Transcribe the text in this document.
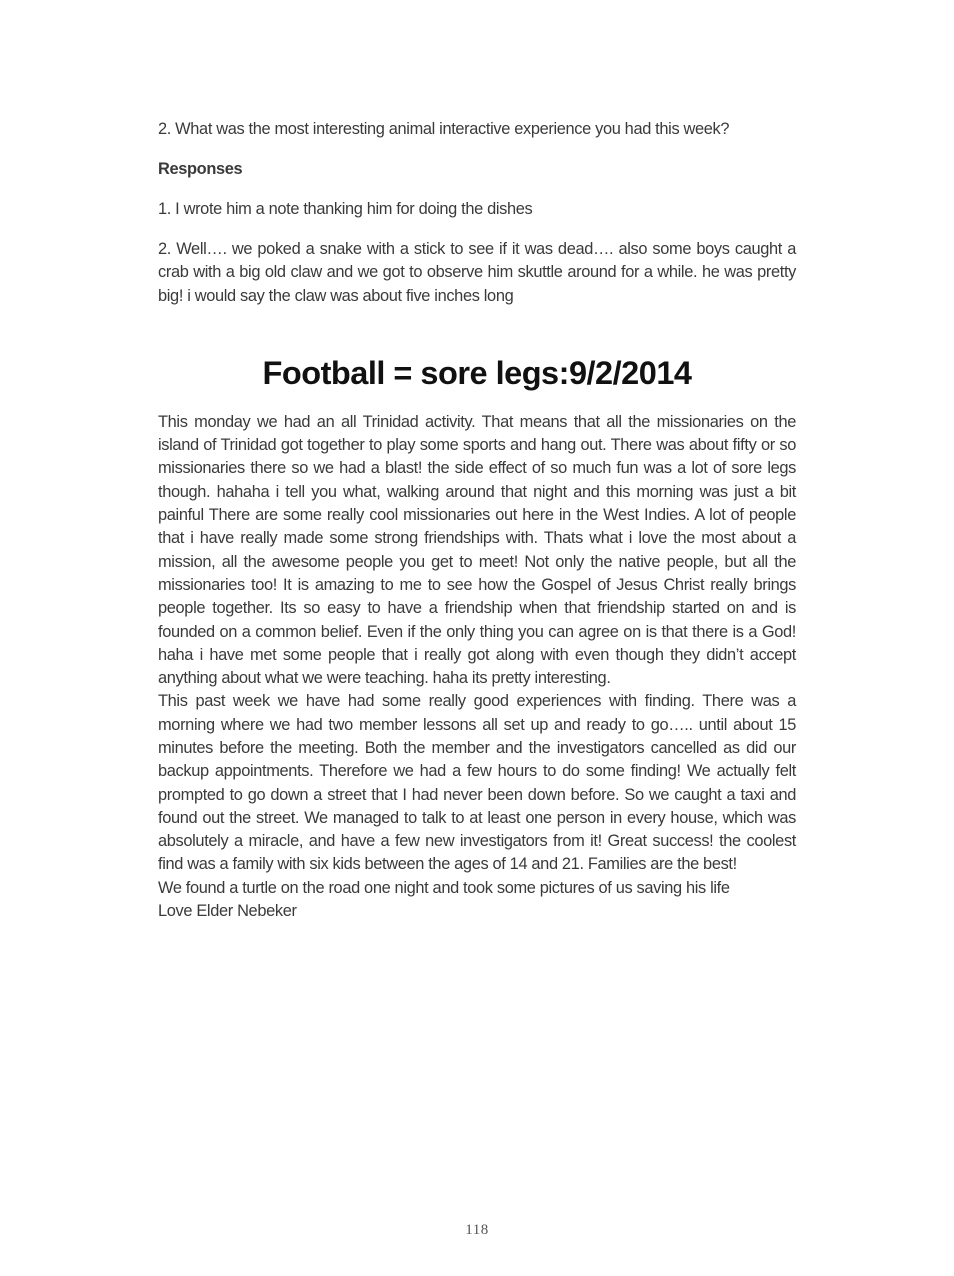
2. What was the most interesting animal interactive experience you had this week?

Responses

1. I wrote him a note thanking him for doing the dishes

2. Well…. we poked a snake with a stick to see if it was dead…. also some boys caught a crab with a big old claw and we got to observe him skuttle around for a while. he was pretty big! i would say the claw was about five inches long

Football = sore legs:9/2/2014

This monday we had an all Trinidad activity. That means that all the missionaries on the island of Trinidad got together to play some sports and hang out. There was about fifty or so missionaries there so we had a blast! the side effect of so much fun was a lot of sore legs though. hahaha i tell you what, walking around that night and this morning was just a bit painful There are some really cool missionaries out here in the West Indies. A lot of people that i have really made some strong friendships with. Thats what i love the most about a mission, all the awesome people you get to meet! Not only the native people, but all the missionaries too! It is amazing to me to see how the Gospel of Jesus Christ really brings people together. Its so easy to have a friendship when that friendship started on and is founded on a common belief. Even if the only thing you can agree on is that there is a God! haha i have met some people that i really got along with even though they didn’t accept anything about what we were teaching. haha its pretty interesting.

This past week we have had some really good experiences with finding. There was a morning where we had two member lessons all set up and ready to go….. until about 15 minutes before the meeting. Both the member and the investigators cancelled as did our backup appointments. Therefore we had a few hours to do some finding! We actually felt prompted to go down a street that I had never been down before. So we caught a taxi and found out the street. We managed to talk to at least one person in every house, which was absolutely a miracle, and have a few new investigators from it! Great success! the coolest find was a family with six kids between the ages of 14 and 21. Families are the best!

We found a turtle on the road one night and took some pictures of us saving his life

Love Elder Nebeker

118
